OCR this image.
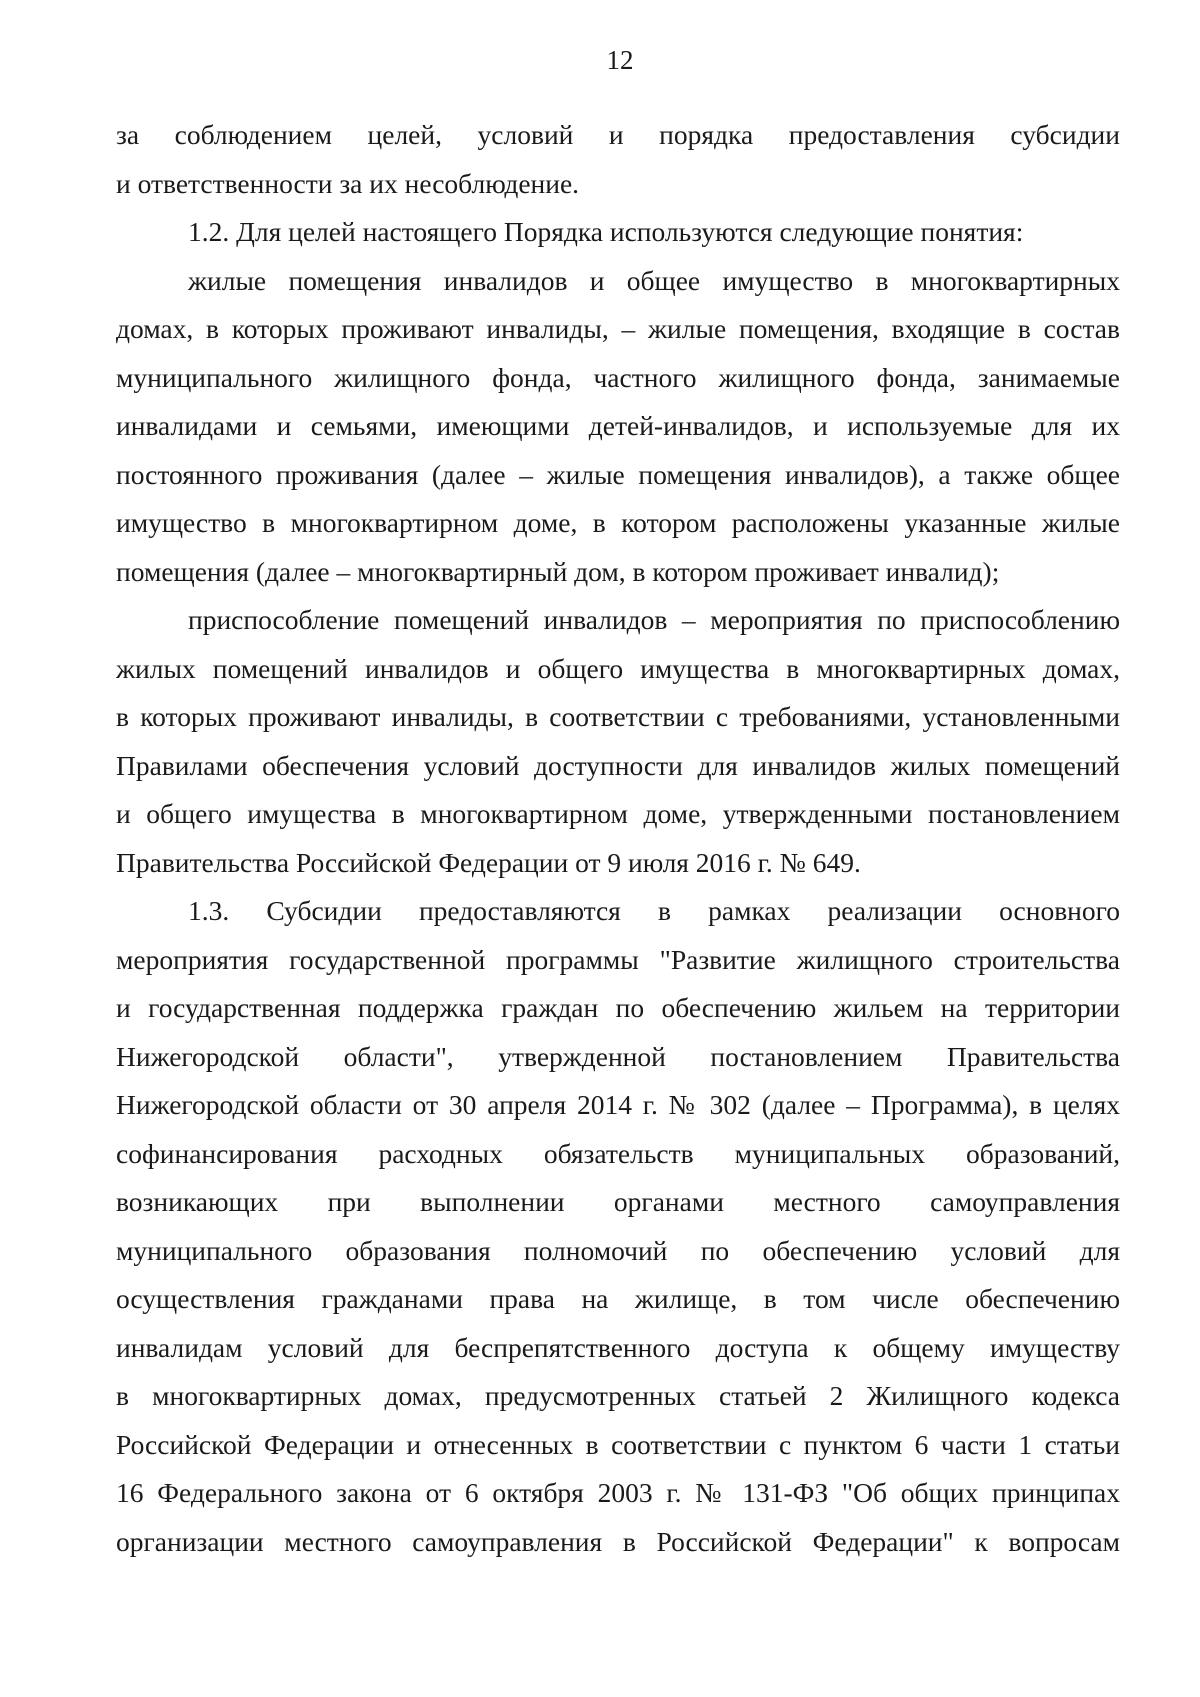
12
за соблюдением целей, условий и порядка предоставления субсидии
и ответственности за их несоблюдение.
1.2. Для целей настоящего Порядка используются следующие понятия:
жилые помещения инвалидов и общее имущество в многоквартирных
домах, в которых проживают инвалиды, – жилые помещения, входящие в состав
муниципального жилищного фонда, частного жилищного фонда, занимаемые
инвалидами и семьями, имеющими детей-инвалидов, и используемые для их
постоянного проживания (далее – жилые помещения инвалидов), а также общее
имущество в многоквартирном доме, в котором расположены указанные жилые
помещения (далее – многоквартирный дом, в котором проживает инвалид);
приспособление помещений инвалидов – мероприятия по приспособлению
жилых помещений инвалидов и общего имущества в многоквартирных домах,
в которых проживают инвалиды, в соответствии с требованиями, установленными
Правилами обеспечения условий доступности для инвалидов жилых помещений
и общего имущества в многоквартирном доме, утвержденными постановлением
Правительства Российской Федерации от 9 июля 2016 г. № 649.
1.3. Субсидии предоставляются в рамках реализации основного
мероприятия государственной программы "Развитие жилищного строительства
и государственная поддержка граждан по обеспечению жильем на территории
Нижегородской области", утвержденной постановлением Правительства
Нижегородской области от 30 апреля 2014 г. № 302 (далее – Программа), в целях
софинансирования расходных обязательств муниципальных образований,
возникающих при выполнении органами местного самоуправления
муниципального образования полномочий по обеспечению условий для
осуществления гражданами права на жилище, в том числе обеспечению
инвалидам условий для беспрепятственного доступа к общему имуществу
в многоквартирных домах, предусмотренных статьей 2 Жилищного кодекса
Российской Федерации и отнесенных в соответствии с пунктом 6 части 1 статьи
16 Федерального закона от 6 октября 2003 г. № 131-ФЗ "Об общих принципах
организации местного самоуправления в Российской Федерации" к вопросам
